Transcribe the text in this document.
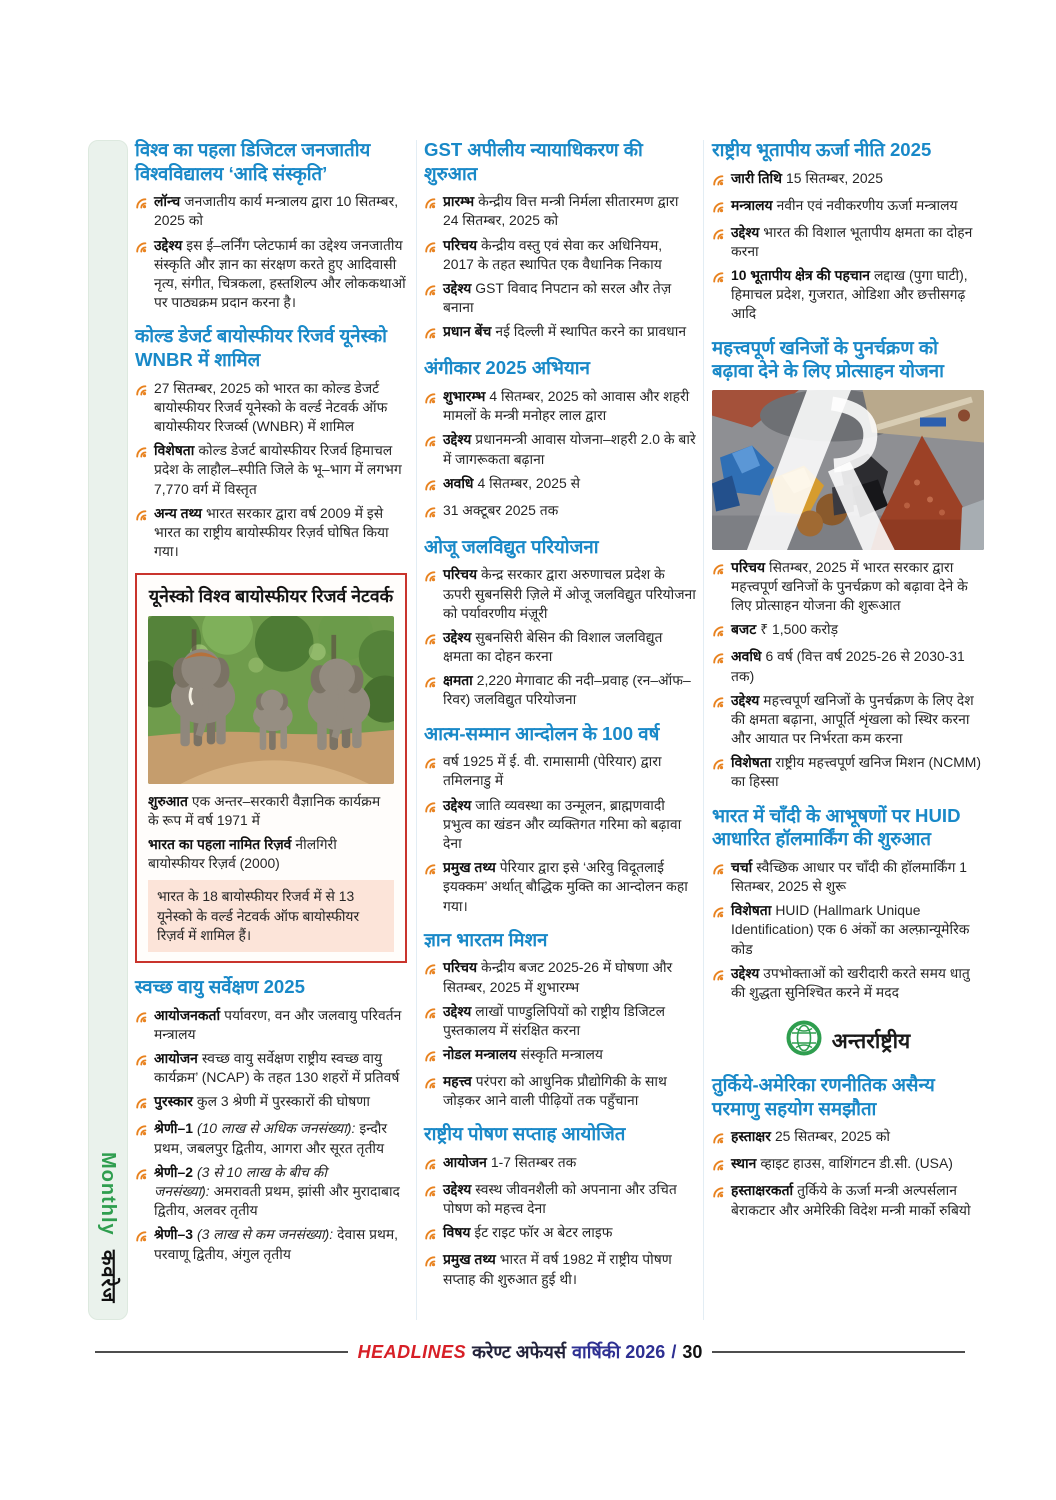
Monthlyकवरेज
विश्व का पहला डिजिटल जनजातीय विश्वविद्यालय ‘आदि संस्कृति’

लॉन्च जनजातीय कार्य मन्त्रालय द्वारा 10 सितम्बर, 2025 को

उद्देश्य इस ई–लर्निंग प्लेटफार्म का उद्देश्य जनजातीय संस्कृति और ज्ञान का संरक्षण करते हुए आदिवासी नृत्य, संगीत, चित्रकला, हस्तशिल्प और लोककथाओं पर पाठ्यक्रम प्रदान करना है।

कोल्ड डेजर्ट बायोस्फीयर रिजर्व यूनेस्को WNBR में शामिल

27 सितम्बर, 2025 को भारत का कोल्ड डेजर्ट बायोस्फीयर रिजर्व यूनेस्को के वर्ल्ड नेटवर्क ऑफ बायोस्फीयर रिजर्व्स (WNBR) में शामिल

विशेषता कोल्ड डेजर्ट बायोस्फीयर रिजर्व हिमाचल प्रदेश के लाहौल–स्पीति जिले के भू–भाग में लगभग 7,770 वर्ग में विस्तृत

अन्य तथ्य भारत सरकार द्वारा वर्ष 2009 में इसे भारत का राष्ट्रीय बायोस्फीयर रिज़र्व घोषित किया गया।

यूनेस्को विश्व बायोस्फीयर रिजर्व नेटवर्क

शुरुआत एक अन्तर–सरकारी वैज्ञानिक कार्यक्रम के रूप में वर्ष 1971 में

भारत का पहला नामित रिज़र्व नीलगिरी बायोस्फीयर रिज़र्व (2000)

भारत के 18 बायोस्फीयर रिजर्व में से 13 यूनेस्को के वर्ल्ड नेटवर्क ऑफ बायोस्फीयर रिज़र्व में शामिल हैं।
स्वच्छ वायु सर्वेक्षण 2025

आयोजनकर्ता पर्यावरण, वन और जलवायु परिवर्तन मन्त्रालय

आयोजन स्वच्छ वायु सर्वेक्षण राष्ट्रीय स्वच्छ वायु कार्यक्रम’ (NCAP) के तहत 130 शहरों में प्रतिवर्ष

पुरस्कार कुल 3 श्रेणी में पुरस्कारों की घोषणा

श्रेणी–1 (10 लाख से अधिक जनसंख्या): इन्दौर प्रथम, जबलपुर द्वितीय, आगरा और सूरत तृतीय

श्रेणी–2 (3 से 10 लाख के बीच की जनसंख्या): अमरावती प्रथम, झांसी और मुरादाबाद द्वितीय, अलवर तृतीय

श्रेणी–3 (3 लाख से कम जनसंख्या): देवास प्रथम, परवाणू द्वितीय, अंगुल तृतीय

GST अपीलीय न्यायाधिकरण की शुरुआत

प्रारम्भ केन्द्रीय वित्त मन्त्री निर्मला सीतारमण द्वारा 24 सितम्बर, 2025 को

परिचय केन्द्रीय वस्तु एवं सेवा कर अधिनियम, 2017 के तहत स्थापित एक वैधानिक निकाय

उद्देश्य GST विवाद निपटान को सरल और तेज़ बनाना

प्रधान बेंच नई दिल्ली में स्थापित करने का प्रावधान

अंगीकार 2025 अभियान

शुभारम्भ 4 सितम्बर, 2025 को आवास और शहरी मामलों के मन्त्री मनोहर लाल द्वारा

उद्देश्य प्रधानमन्त्री आवास योजना–शहरी 2.0 के बारे में जागरूकता बढ़ाना

अवधि 4 सितम्बर, 2025 से

31 अक्टूबर 2025 तक

ओजू जलविद्युत परियोजना

परिचय केन्द्र सरकार द्वारा अरुणाचल प्रदेश के ऊपरी सुबनसिरी ज़िले में ओजू जलविद्युत परियोजना को पर्यावरणीय मंज़ूरी

उद्देश्य सुबनसिरी बेसिन की विशाल जलविद्युत क्षमता का दोहन करना

क्षमता 2,220 मेगावाट की नदी–प्रवाह (रन–ऑफ–रिवर) जलविद्युत परियोजना

आत्म-सम्मान आन्दोलन के 100 वर्ष

वर्ष 1925 में ई. वी. रामासामी (पेरियार) द्वारा तमिलनाडु में

उद्देश्य जाति व्यवस्था का उन्मूलन, ब्राह्मणवादी प्रभुत्व का खंडन और व्यक्तिगत गरिमा को बढ़ावा देना

प्रमुख तथ्य पेरियार द्वारा इसे ‘अरिवु विदूतलाई इयक्कम’ अर्थात् बौद्धिक मुक्ति का आन्दोलन कहा गया।

ज्ञान भारतम मिशन

परिचय केन्द्रीय बजट 2025-26 में घोषणा और सितम्बर, 2025 में शुभारम्भ

उद्देश्य लाखों पाण्डुलिपियों को राष्ट्रीय डिजिटल पुस्तकालय में संरक्षित करना

नोडल मन्त्रालय संस्कृति मन्त्रालय

महत्त्व परंपरा को आधुनिक प्रौद्योगिकी के साथ जोड़कर आने वाली पीढ़ियों तक पहुँचाना

राष्ट्रीय पोषण सप्ताह आयोजित

आयोजन 1-7 सितम्बर तक

उद्देश्य स्वस्थ जीवनशैली को अपनाना और उचित पोषण को महत्त्व देना

विषय ईट राइट फॉर अ बेटर लाइफ

प्रमुख तथ्य भारत में वर्ष 1982 में राष्ट्रीय पोषण सप्ताह की शुरुआत हुई थी।

राष्ट्रीय भूतापीय ऊर्जा नीति 2025

जारी तिथि 15 सितम्बर, 2025

मन्त्रालय नवीन एवं नवीकरणीय ऊर्जा मन्त्रालय

उद्देश्य भारत की विशाल भूतापीय क्षमता का दोहन करना

10 भूतापीय क्षेत्र की पहचान लद्दाख (पुगा घाटी), हिमाचल प्रदेश, गुजरात, ओडिशा और छत्तीसगढ़ आदि

महत्त्वपूर्ण खनिजों के पुनर्चक्रण को बढ़ावा देने के लिए प्रोत्साहन योजना

परिचय सितम्बर, 2025 में भारत सरकार द्वारा महत्त्वपूर्ण खनिजों के पुनर्चक्रण को बढ़ावा देने के लिए प्रोत्साहन योजना की शुरूआत

बजट ₹ 1,500 करोड़

अवधि 6 वर्ष (वित्त वर्ष 2025-26 से 2030-31 तक)

उद्देश्य महत्त्वपूर्ण खनिजों के पुनर्चक्रण के लिए देश की क्षमता बढ़ाना, आपूर्ति शृंखला को स्थिर करना और आयात पर निर्भरता कम करना

विशेषता राष्ट्रीय महत्त्वपूर्ण खनिज मिशन (NCMM) का हिस्सा

भारत में चाँदी के आभूषणों पर HUID आधारित हॉलमार्किंग की शुरुआत

चर्चा स्वैच्छिक आधार पर चाँदी की हॉलमार्किंग 1 सितम्बर, 2025 से शुरू

विशेषता HUID (Hallmark Unique Identification) एक 6 अंकों का अल्फ़ान्यूमेरिक कोड

उद्देश्य उपभोक्ताओं को खरीदारी करते समय धातु की शुद्धता सुनिश्चित करने में मदद

अन्तर्राष्ट्रीय
तुर्किये-अमेरिका रणनीतिक असैन्य परमाणु सहयोग समझौता

हस्ताक्षर 25 सितम्बर, 2025 को

स्थान व्हाइट हाउस, वाशिंगटन डी.सी. (USA)

हस्ताक्षरकर्ता तुर्किये के ऊर्जा मन्त्री अल्पर्सलान बेराकटार और अमेरिकी विदेश मन्त्री मार्को रुबियो

HEADLINES करेण्ट अफेयर्स वार्षिकी 2026 / 30
